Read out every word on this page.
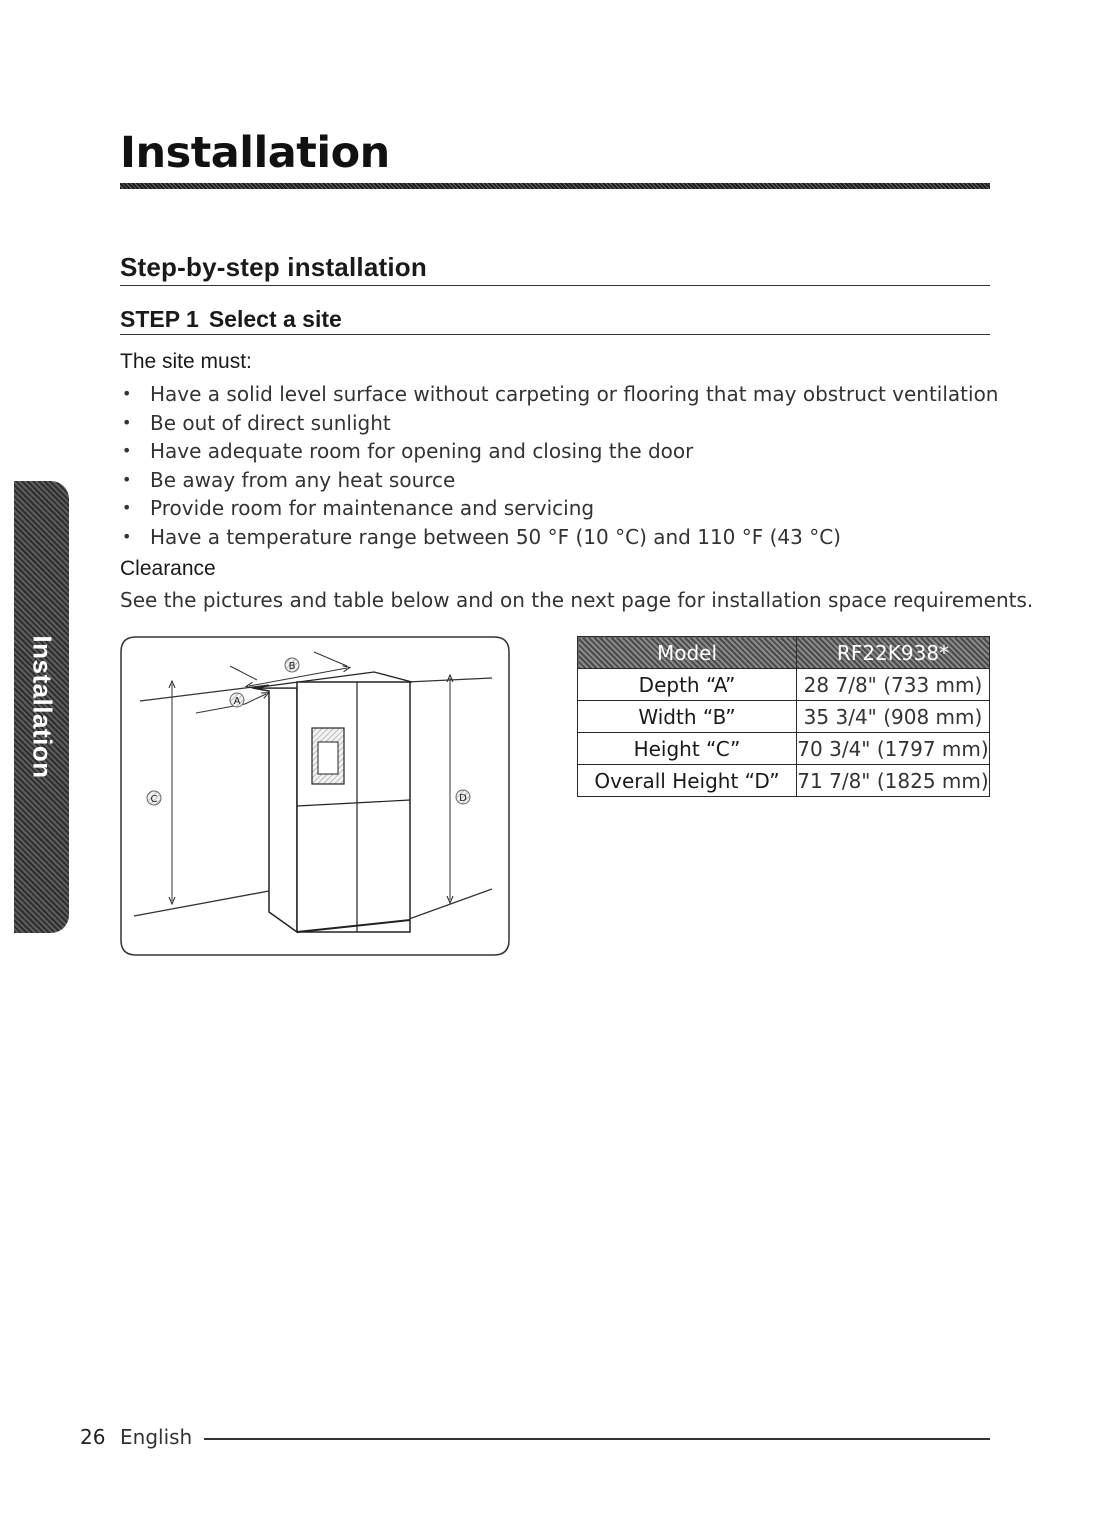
Installation
Step-by-step installation
STEP 1 Select a site
The site must:
• Have a solid level surface without carpeting or flooring that may obstruct ventilation
• Be out of direct sunlight
• Have adequate room for opening and closing the door
• Be away from any heat source
• Provide room for maintenance and servicing
• Have a temperature range between 50 °F (10 °C) and 110 °F (43 °C)
Clearance
See the pictures and table below and on the next page for installation space requirements.
Installation	B
A
C	D
Model	RF22K938*
Depth “A”	28 7/8" (733 mm)
Width “B”	35 3/4" (908 mm)
Height “C”	70 3/4" (1797 mm)
Overall Height “D”	71 7/8" (1825 mm)
26 English
